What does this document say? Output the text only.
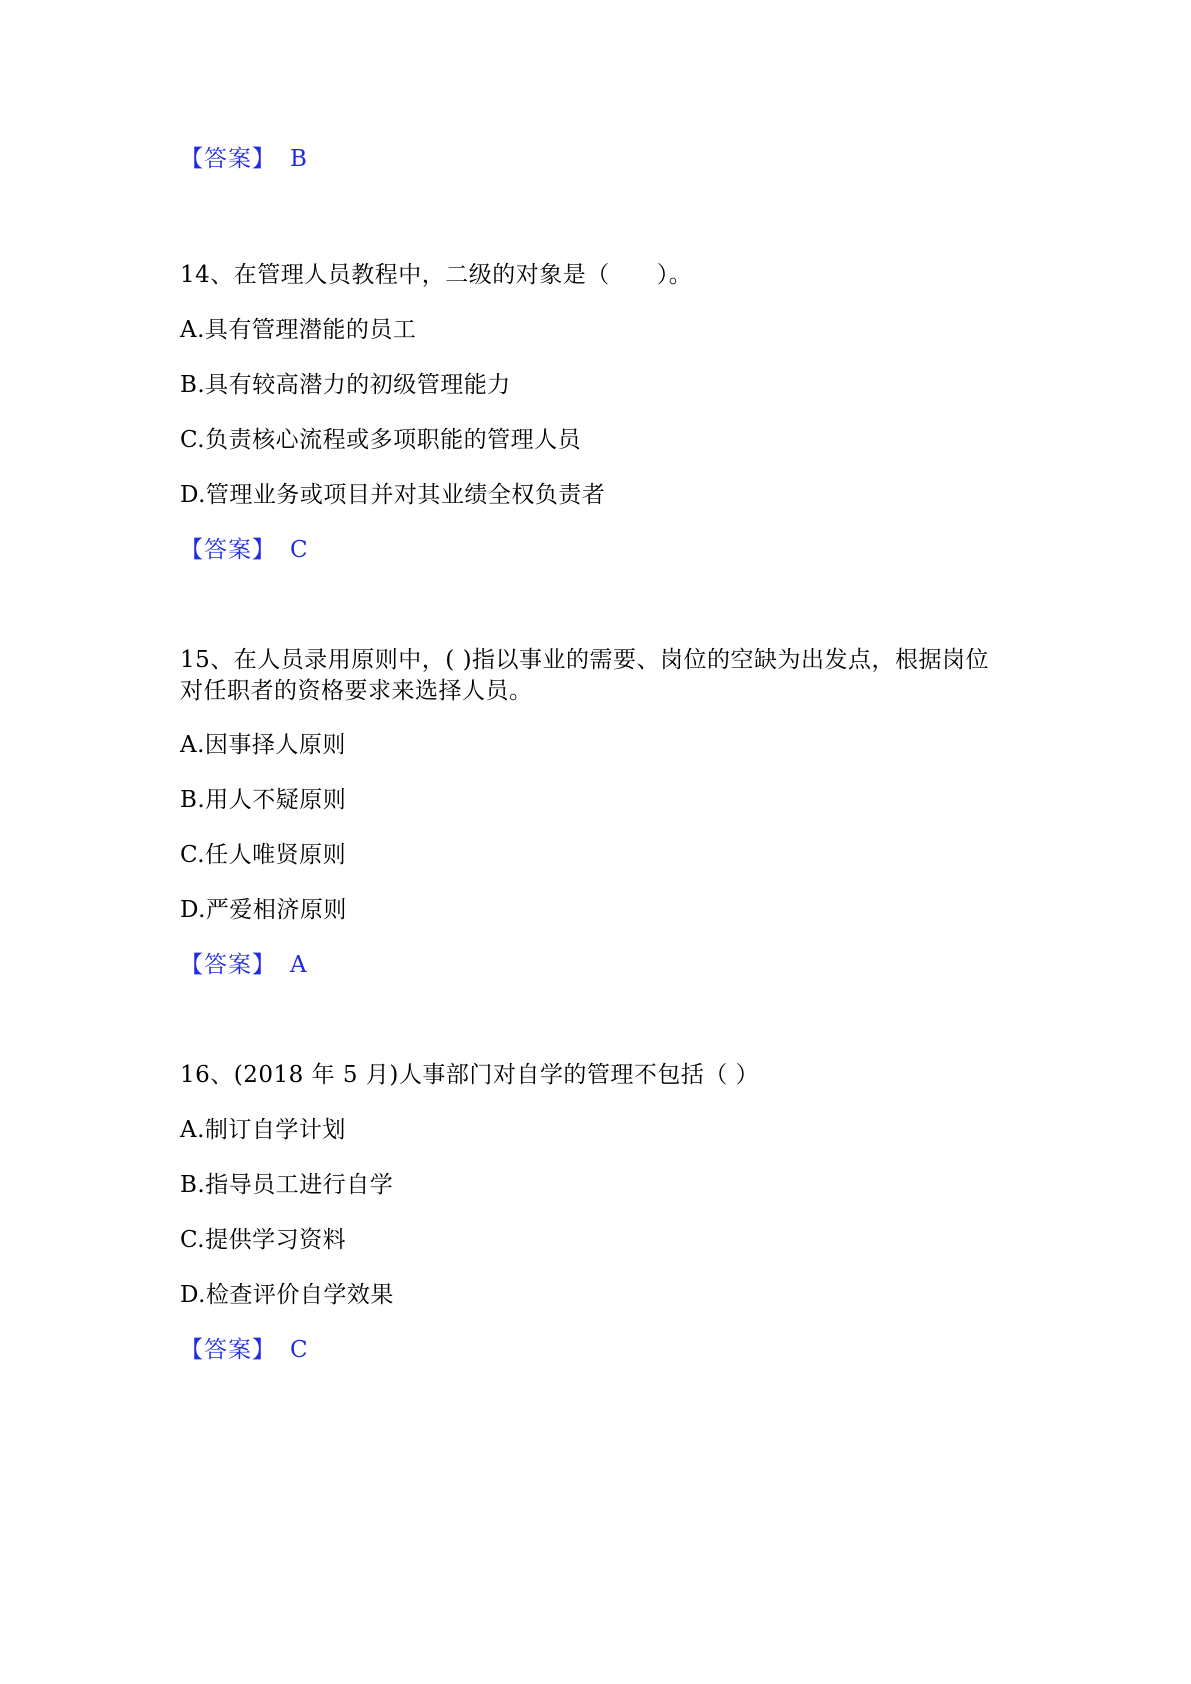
【答案】 B
14、在管理人员教程中，二级的对象是（　　）。
A.具有管理潜能的员工
B.具有较高潜力的初级管理能力
C.负责核心流程或多项职能的管理人员
D.管理业务或项目并对其业绩全权负责者
【答案】 C
15、在人员录用原则中，( )指以事业的需要、岗位的空缺为出发点，根据岗位
对任职者的资格要求来选择人员。
A.因事择人原则
B.用人不疑原则
C.任人唯贤原则
D.严爱相济原则
【答案】 A
16、(2018 年 5 月)人事部门对自学的管理不包括（ ）
A.制订自学计划
B.指导员工进行自学
C.提供学习资料
D.检查评价自学效果
【答案】 C
